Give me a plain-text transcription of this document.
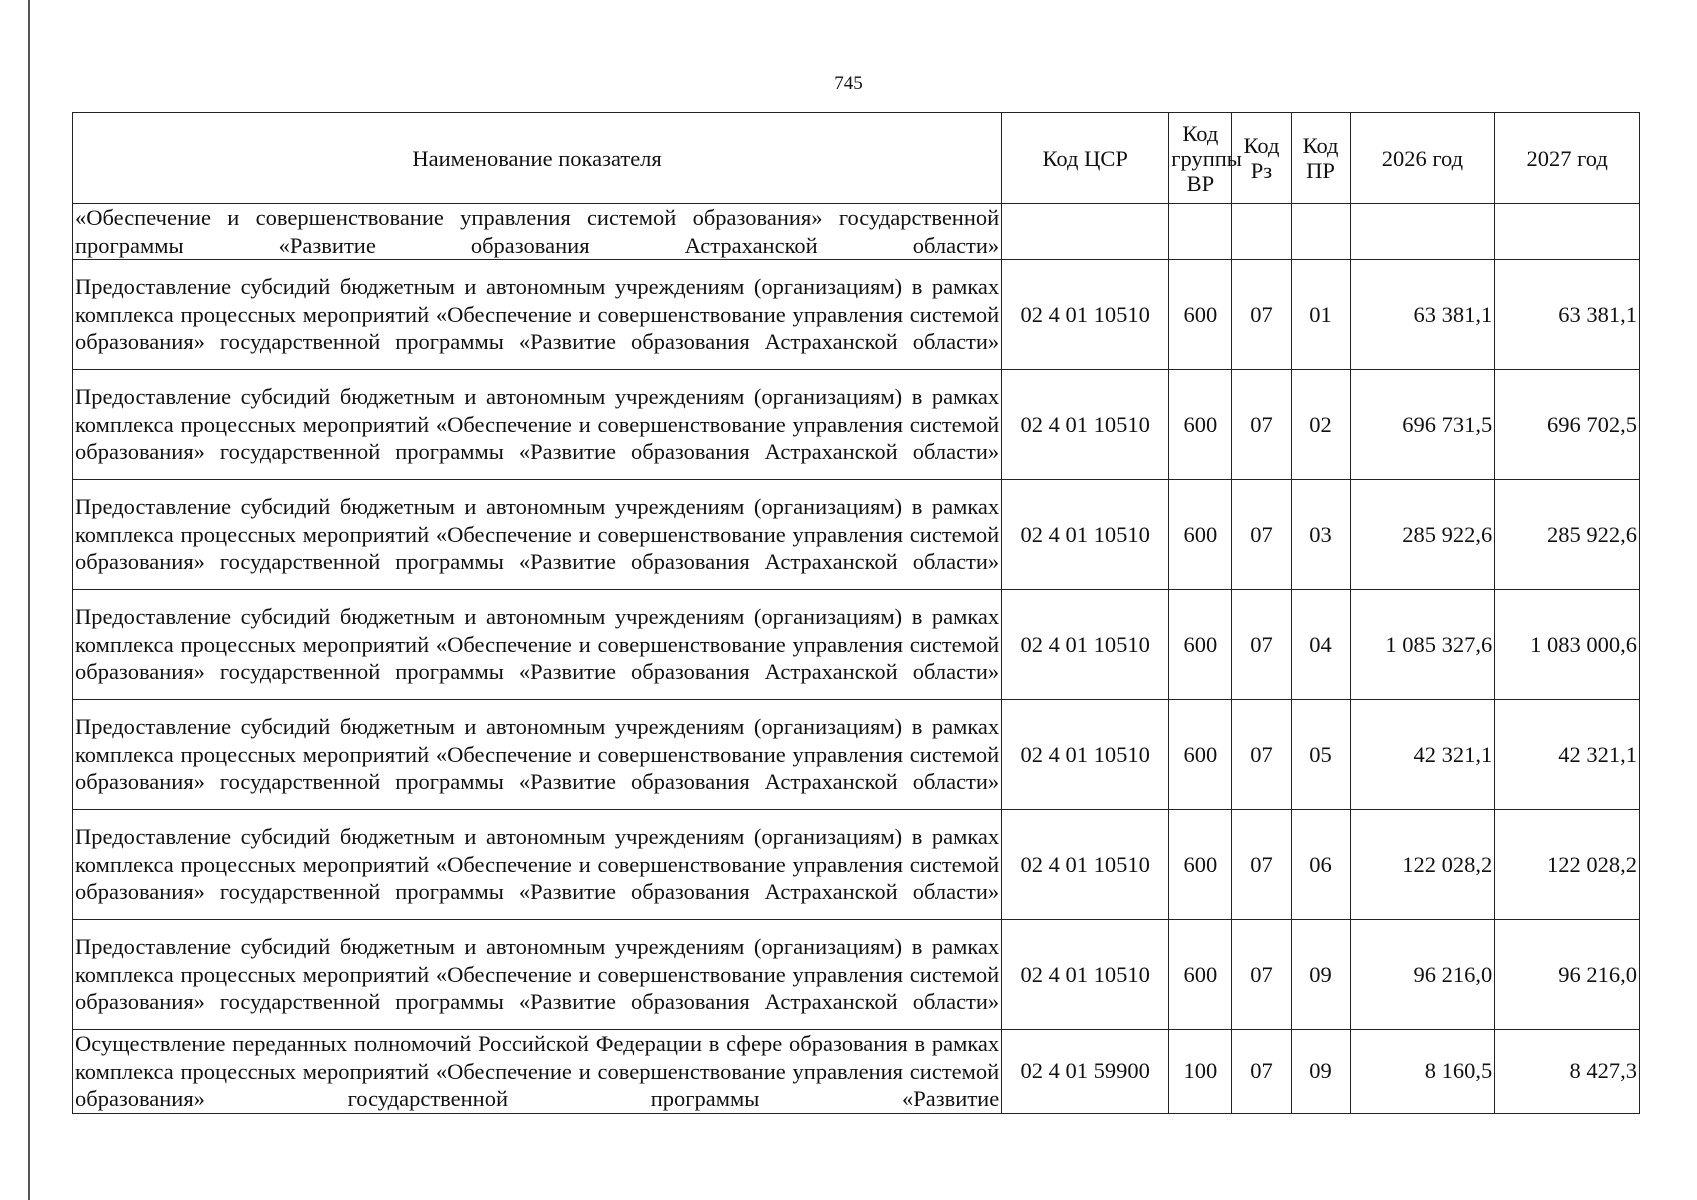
745
Наименование показателя	Код ЦСР	Код группы ВР	Код Рз	Код ПР	2026 год	2027 год
«Обеспечение и совершенствование управления системой образования» государственной программы «Развитие образования Астраханской области»						
Предоставление субсидий бюджетным и автономным учреждениям (организациям) в рамках комплекса процессных мероприятий «Обеспечение и совершенствование управления системой образования» государственной программы «Развитие образования Астраханской области»	02 4 01 10510	600	07	01	63 381,1	63 381,1
Предоставление субсидий бюджетным и автономным учреждениям (организациям) в рамках комплекса процессных мероприятий «Обеспечение и совершенствование управления системой образования» государственной программы «Развитие образования Астраханской области»	02 4 01 10510	600	07	02	696 731,5	696 702,5
Предоставление субсидий бюджетным и автономным учреждениям (организациям) в рамках комплекса процессных мероприятий «Обеспечение и совершенствование управления системой образования» государственной программы «Развитие образования Астраханской области»	02 4 01 10510	600	07	03	285 922,6	285 922,6
Предоставление субсидий бюджетным и автономным учреждениям (организациям) в рамках комплекса процессных мероприятий «Обеспечение и совершенствование управления системой образования» государственной программы «Развитие образования Астраханской области»	02 4 01 10510	600	07	04	1 085 327,6	1 083 000,6
Предоставление субсидий бюджетным и автономным учреждениям (организациям) в рамках комплекса процессных мероприятий «Обеспечение и совершенствование управления системой образования» государственной программы «Развитие образования Астраханской области»	02 4 01 10510	600	07	05	42 321,1	42 321,1
Предоставление субсидий бюджетным и автономным учреждениям (организациям) в рамках комплекса процессных мероприятий «Обеспечение и совершенствование управления системой образования» государственной программы «Развитие образования Астраханской области»	02 4 01 10510	600	07	06	122 028,2	122 028,2
Предоставление субсидий бюджетным и автономным учреждениям (организациям) в рамках комплекса процессных мероприятий «Обеспечение и совершенствование управления системой образования» государственной программы «Развитие образования Астраханской области»	02 4 01 10510	600	07	09	96 216,0	96 216,0
Осуществление переданных полномочий Российской Федерации в сфере образования в рамках комплекса процессных мероприятий «Обеспечение и совершенствование управления системой образования» государственной программы «Развитие	02 4 01 59900	100	07	09	8 160,5	8 427,3
